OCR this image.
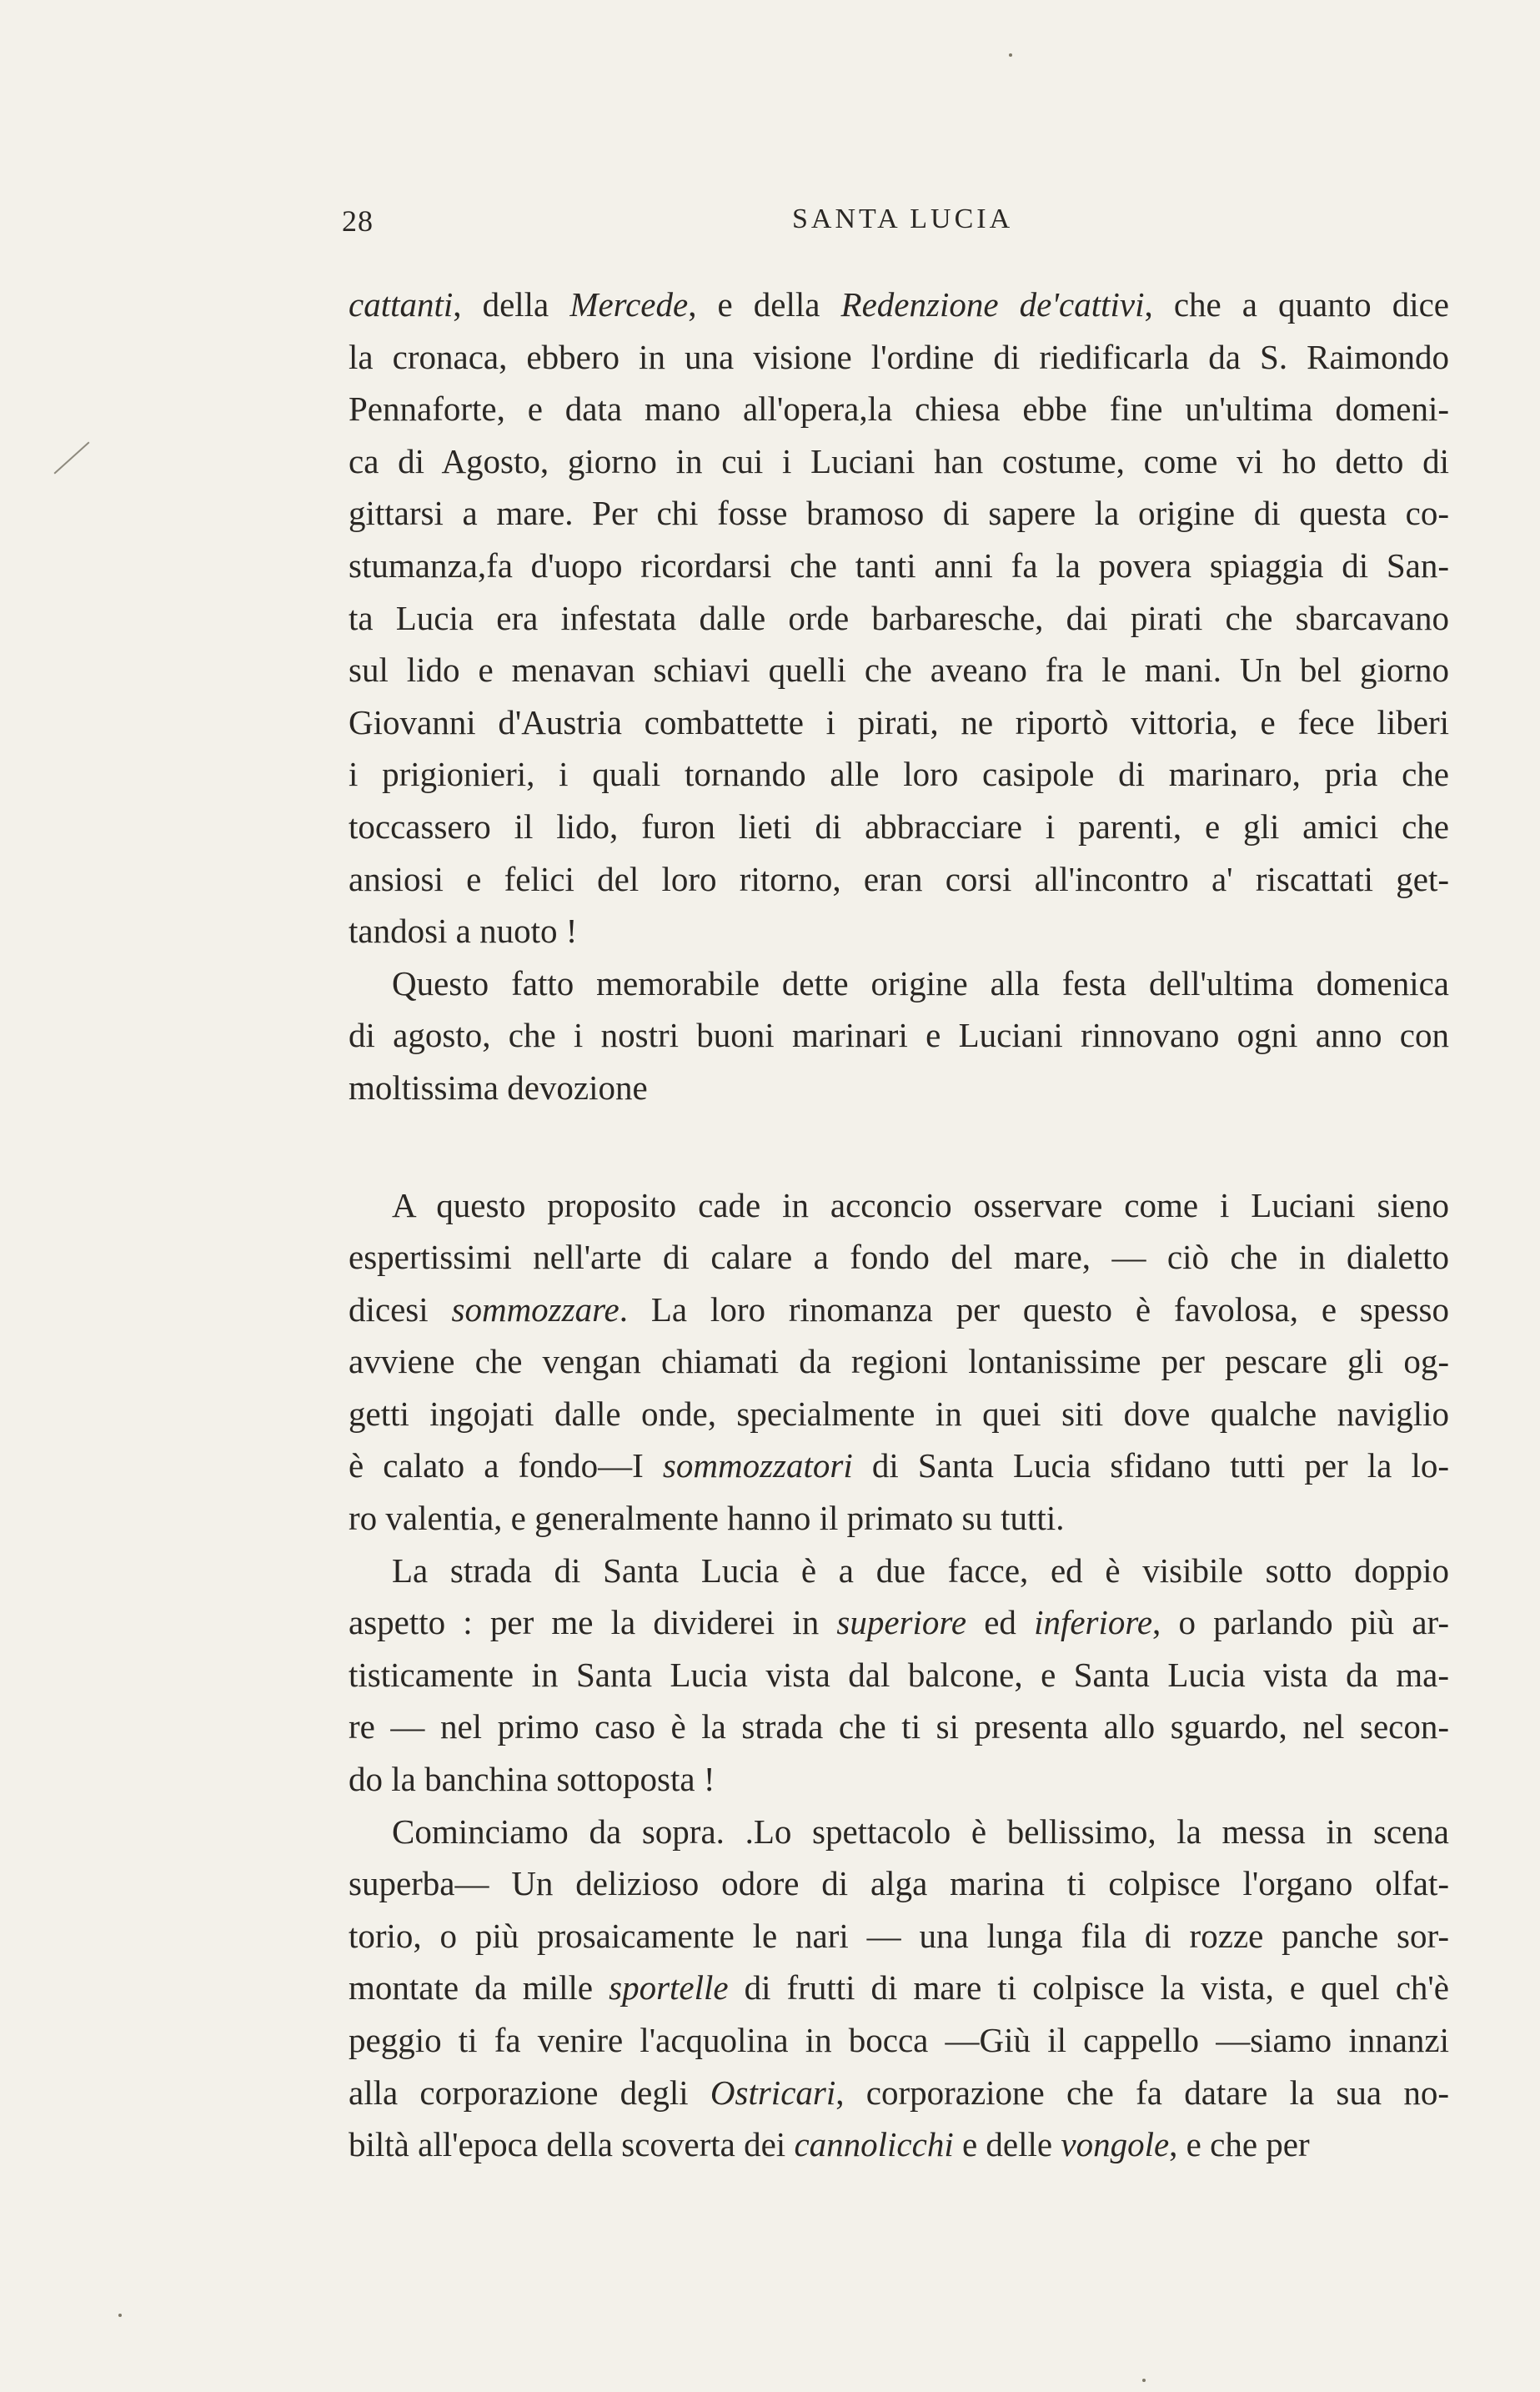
28	SANTA LUCIA
cattanti, della Mercede, e della Redenzione de'cattivi, che a quanto dice
la cronaca, ebbero in una visione l'ordine di riedificarla da S. Raimondo
Pennaforte, e data mano all'opera,la chiesa ebbe fine un'ultima domeni-
ca di Agosto, giorno in cui i Luciani han costume, come vi ho detto di
gittarsi a mare. Per chi fosse bramoso di sapere la origine di questa co-
stumanza,fa d'uopo ricordarsi che tanti anni fa la povera spiaggia di San-
ta Lucia era infestata dalle orde barbaresche, dai pirati che sbarcavano
sul lido e menavan schiavi quelli che aveano fra le mani. Un bel giorno
Giovanni d'Austria combattette i pirati, ne riportò vittoria, e fece liberi
i prigionieri, i quali tornando alle loro casipole di marinaro, pria che
toccassero il lido, furon lieti di abbracciare i parenti, e gli amici che
ansiosi e felici del loro ritorno, eran corsi all'incontro a' riscattati get-
tandosi a nuoto !
Questo fatto memorabile dette origine alla festa dell'ultima domenica
di agosto, che i nostri buoni marinari e Luciani rinnovano ogni anno con
moltissima devozione
A questo proposito cade in acconcio osservare come i Luciani sieno
espertissimi nell'arte di calare a fondo del mare, — ciò che in dialetto
dicesi sommozzare. La loro rinomanza per questo è favolosa, e spesso
avviene che vengan chiamati da regioni lontanissime per pescare gli og-
getti ingojati dalle onde, specialmente in quei siti dove qualche naviglio
è calato a fondo—I sommozzatori di Santa Lucia sfidano tutti per la lo-
ro valentia, e generalmente hanno il primato su tutti.
La strada di Santa Lucia è a due facce, ed è visibile sotto doppio
aspetto : per me la dividerei in superiore ed inferiore, o parlando più ar-
tisticamente in Santa Lucia vista dal balcone, e Santa Lucia vista da ma-
re — nel primo caso è la strada che ti si presenta allo sguardo, nel secon-
do la banchina sottoposta !
Cominciamo da sopra. .Lo spettacolo è bellissimo, la messa in scena
superba— Un delizioso odore di alga marina ti colpisce l'organo olfat-
torio, o più prosaicamente le nari — una lunga fila di rozze panche sor-
montate da mille sportelle di frutti di mare ti colpisce la vista, e quel ch'è
peggio ti fa venire l'acquolina in bocca —Giù il cappello —siamo innanzi
alla corporazione degli Ostricari, corporazione che fa datare la sua no-
biltà all'epoca della scoverta dei cannolicchi e delle vongole, e che per
